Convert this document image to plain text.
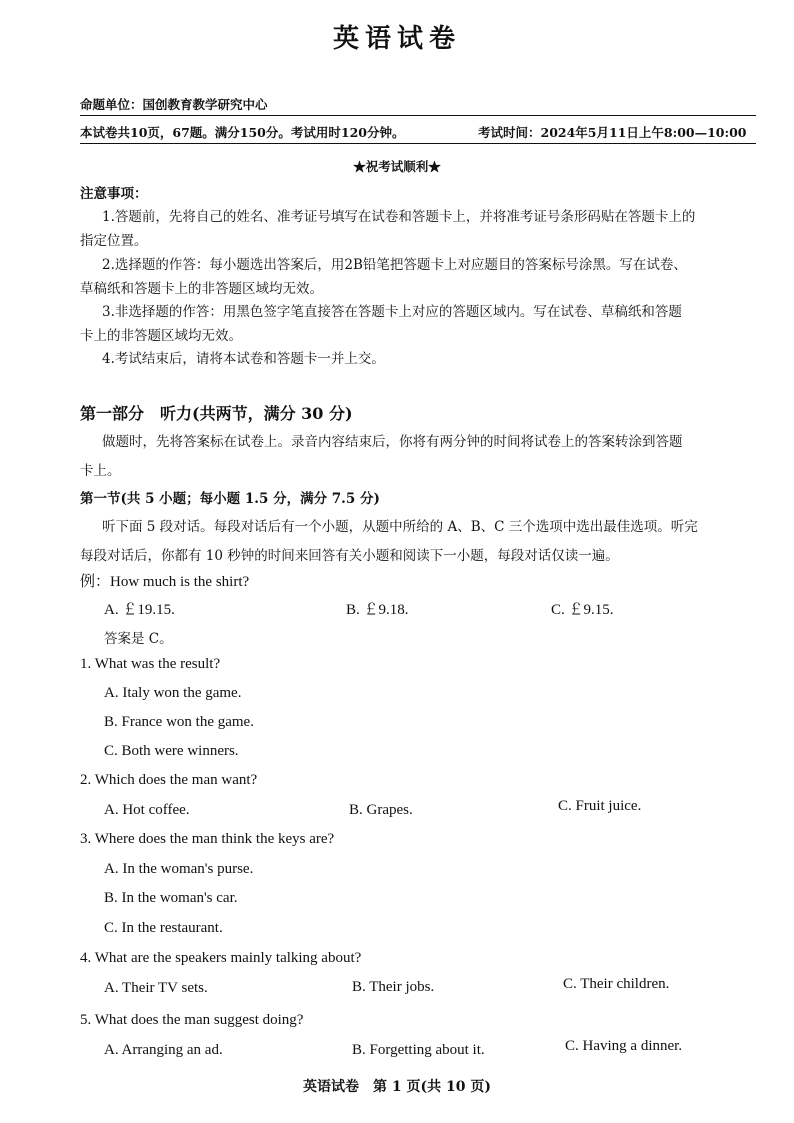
英语试卷
命题单位：国创教育教学研究中心
本试卷共10页，67题。满分150分。考试用时120分钟。	考试时间：2024年5月11日上午8:00—10:00
★祝考试顺利★
注意事项：
1.答题前，先将自己的姓名、准考证号填写在试卷和答题卡上，并将准考证号条形码贴在答题卡上的
指定位置。
2.选择题的作答：每小题选出答案后，用2B铅笔把答题卡上对应题目的答案标号涂黑。写在试卷、
草稿纸和答题卡上的非答题区域均无效。
3.非选择题的作答：用黑色签字笔直接答在答题卡上对应的答题区域内。写在试卷、草稿纸和答题
卡上的非答题区域均无效。
4.考试结束后，请将本试卷和答题卡一并上交。
第一部分　听力(共两节，满分 30 分)
做题时，先将答案标在试卷上。录音内容结束后，你将有两分钟的时间将试卷上的答案转涂到答题
卡上。
第一节(共 5 小题；每小题 1.5 分，满分 7.5 分)
听下面 5 段对话。每段对话后有一个小题，从题中所给的 A、B、C 三个选项中选出最佳选项。听完
每段对话后，你都有 10 秒钟的时间来回答有关小题和阅读下一小题，每段对话仅读一遍。
例：How much is the shirt?
A. ￡19.15.	B. ￡9.18.	C. ￡9.15.
答案是 C。
1. What was the result?
A. Italy won the game.
B. France won the game.
C. Both were winners.
2. Which does the man want?
A. Hot coffee.	B. Grapes.	C. Fruit juice.
3. Where does the man think the keys are?
A. In the woman's purse.
B. In the woman's car.
C. In the restaurant.
4. What are the speakers mainly talking about?
A. Their TV sets.	B. Their jobs.	C. Their children.
5. What does the man suggest doing?
A. Arranging an ad.	B. Forgetting about it.	C. Having a dinner.
英语试卷　第 1 页(共 10 页)
